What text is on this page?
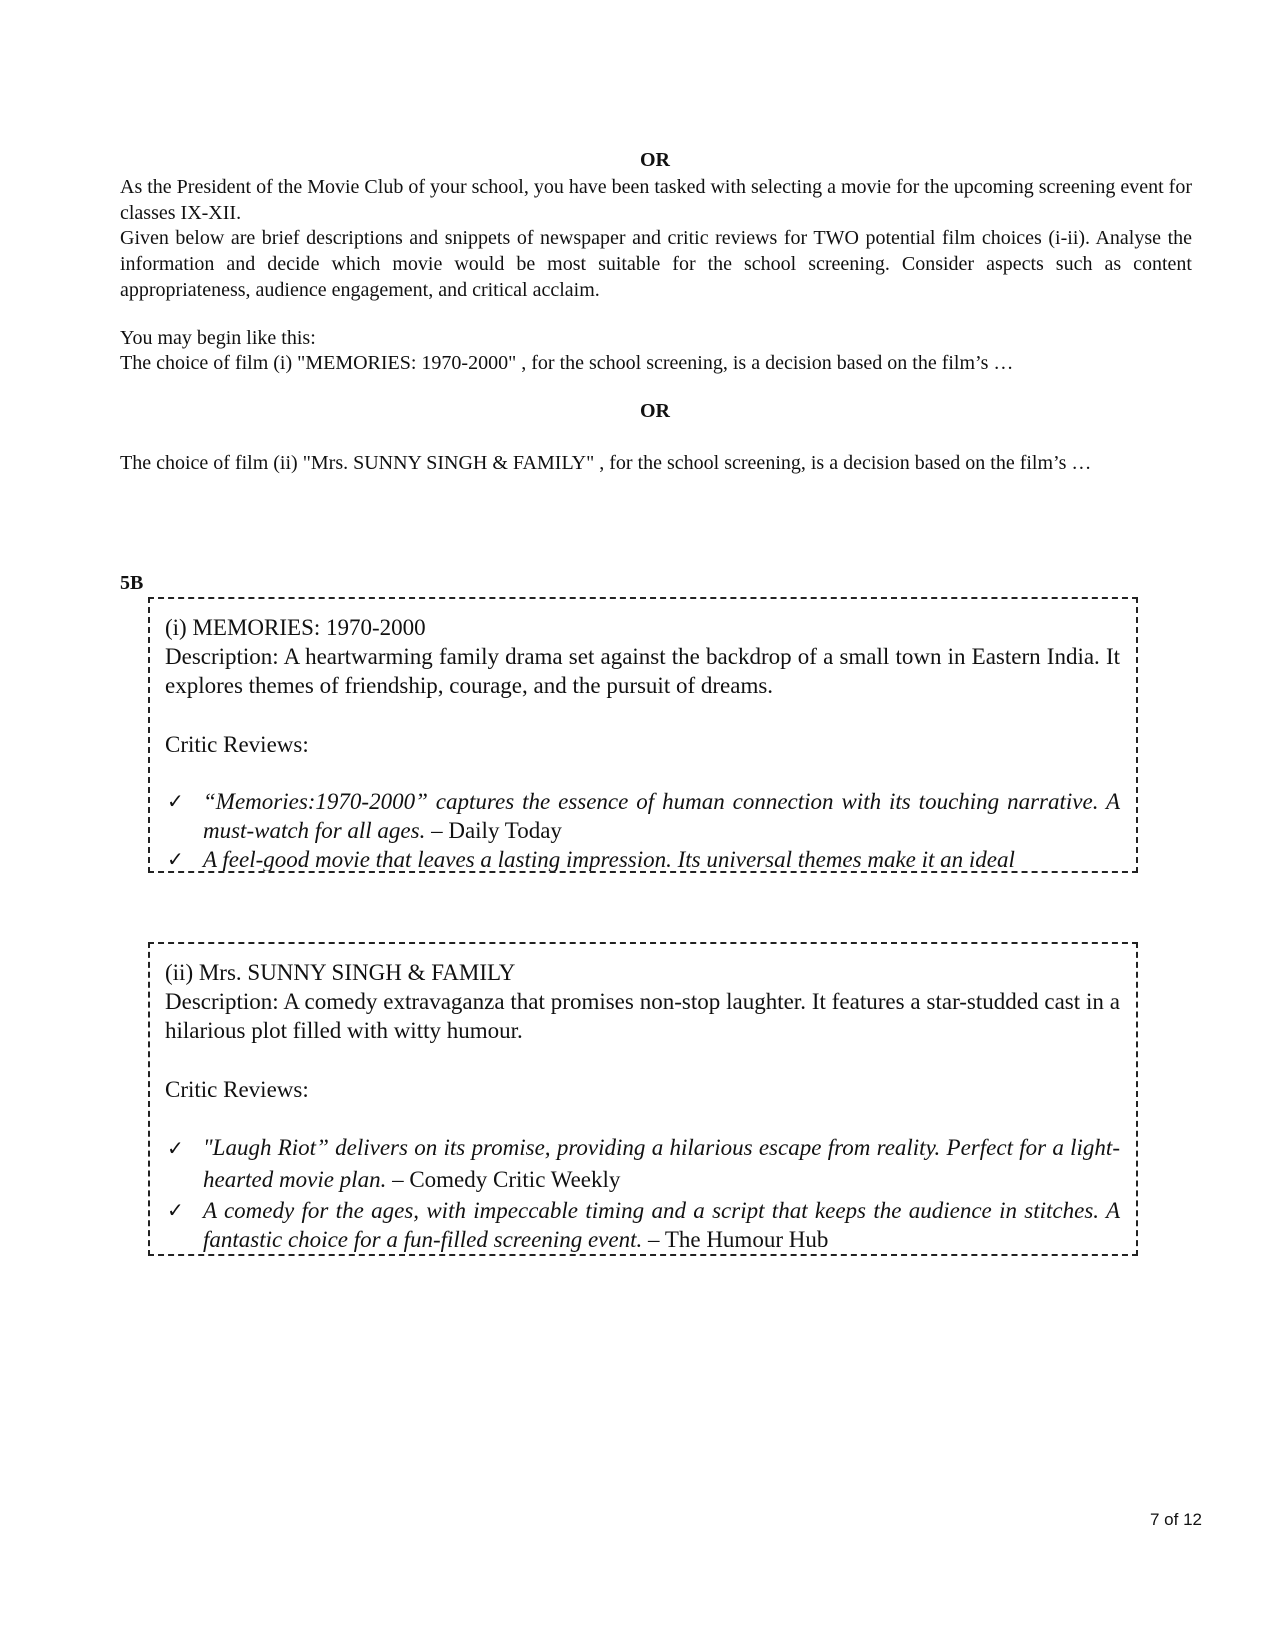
OR
As the President of the Movie Club of your school, you have been tasked with selecting a movie for the upcoming screening event for classes IX-XII.
Given below are brief descriptions and snippets of newspaper and critic reviews for TWO potential film choices (i-ii). Analyse the information and decide which movie would be most suitable for the school screening. Consider aspects such as content appropriateness, audience engagement, and critical acclaim.
You may begin like this:
The choice of film (i) "MEMORIES: 1970-2000" , for the school screening, is a decision based on the film’s …
OR
The choice of film (ii) "Mrs. SUNNY SINGH & FAMILY" , for the school screening, is a decision based on the film’s …
5B
(i) MEMORIES: 1970-2000
Description: A heartwarming family drama set against the backdrop of a small town in Eastern India. It explores themes of friendship, courage, and the pursuit of dreams.
Critic Reviews:
✓ “Memories:1970-2000” captures the essence of human connection with its touching narrative. A must-watch for all ages. – Daily Today
✓ A feel-good movie that leaves a lasting impression. Its universal themes make it an ideal
(ii) Mrs. SUNNY SINGH & FAMILY
Description: A comedy extravaganza that promises non-stop laughter. It features a star-studded cast in a hilarious plot filled with witty humour.
Critic Reviews:
✓ "Laugh Riot” delivers on its promise, providing a hilarious escape from reality. Perfect for a light-hearted movie plan. – Comedy Critic Weekly
✓ A comedy for the ages, with impeccable timing and a script that keeps the audience in stitches. A fantastic choice for a fun-filled screening event. – The Humour Hub
7 of 12
